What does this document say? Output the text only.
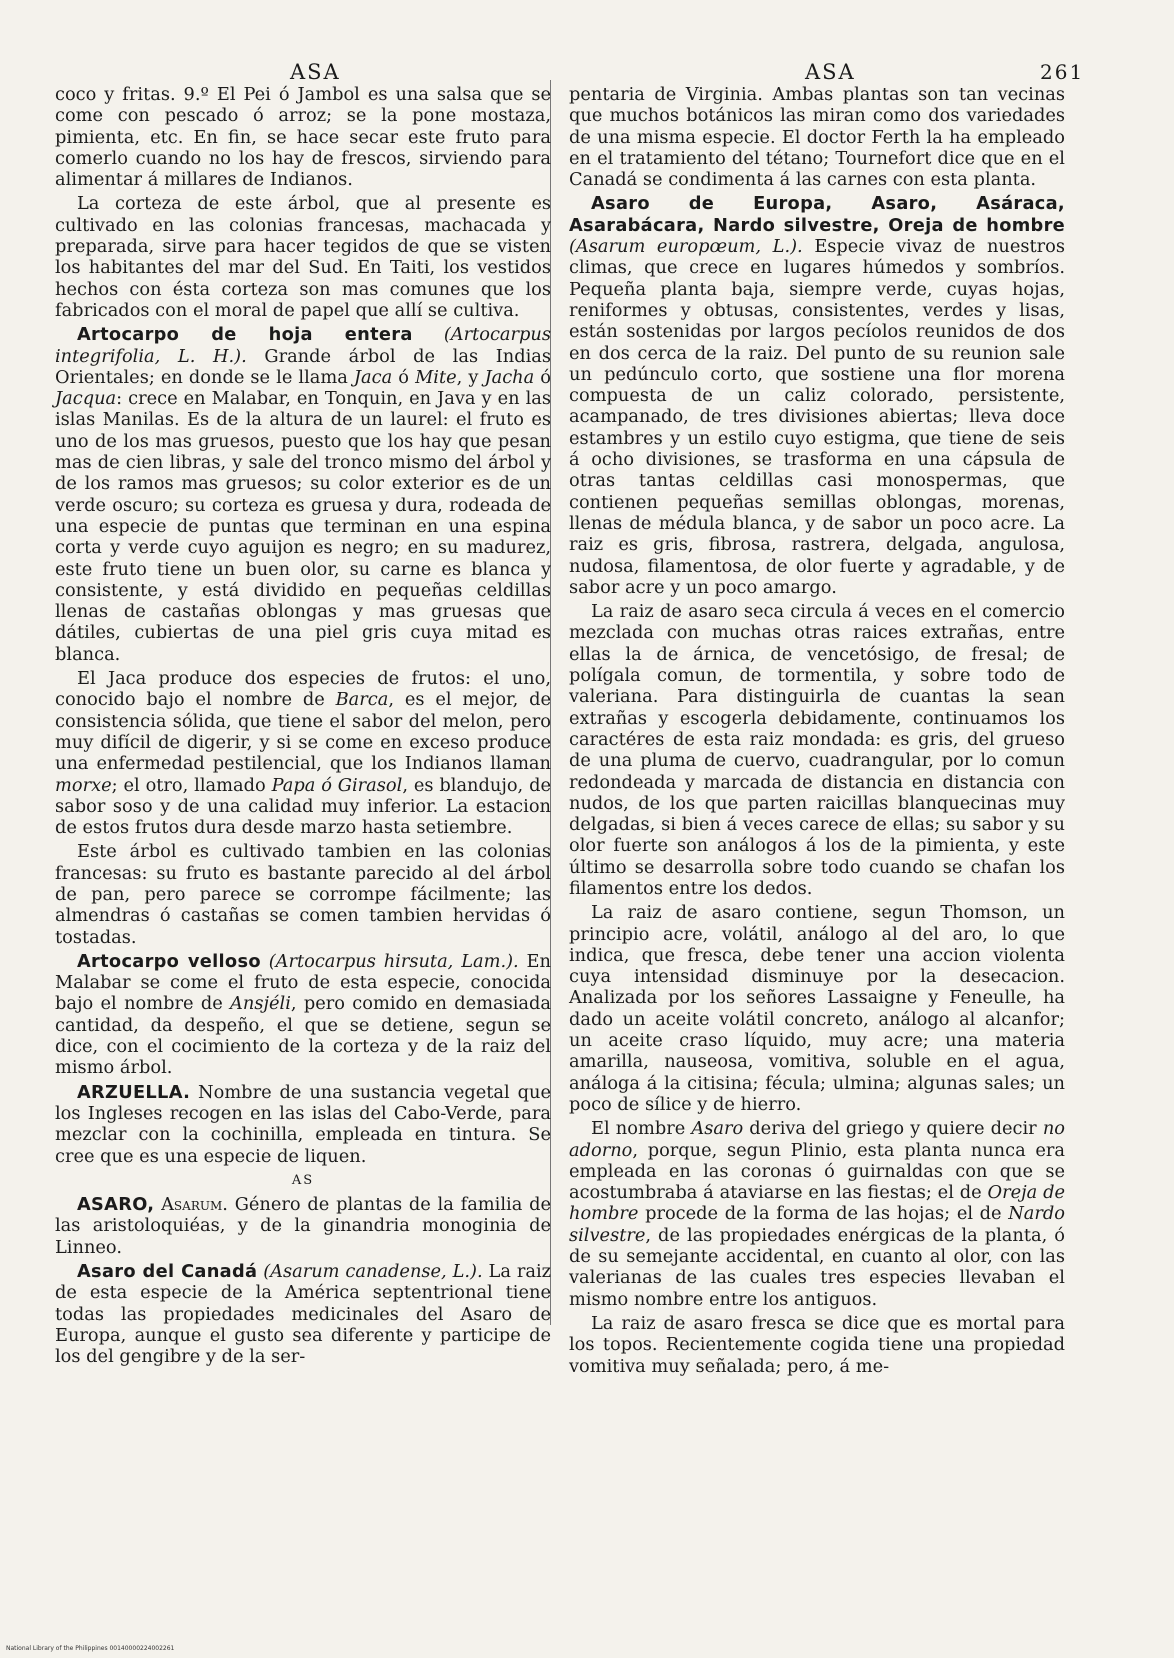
ASA	ASA	261

coco y fritas. 9.º El Pei ó Jambol es una salsa que se come con pescado ó arroz; se la pone mostaza, pimienta, etc. En fin, se hace secar este fruto para comerlo cuando no los hay de frescos, sirviendo para alimentar á millares de Indianos.

La corteza de este árbol, que al presente es cultivado en las colonias francesas, machacada y preparada, sirve para hacer tegidos de que se visten los habitantes del mar del Sud. En Taiti, los vestidos hechos con ésta corteza son mas comunes que los fabricados con el moral de papel que allí se cultiva.

Artocarpo de hoja entera (Artocarpus integrifolia, L. H.). Grande árbol de las Indias Orientales; en donde se le llama Jaca ó Mite, y Jacha ó Jacqua: crece en Malabar, en Tonquin, en Java y en las islas Manilas. Es de la altura de un laurel: el fruto es uno de los mas gruesos, puesto que los hay que pesan mas de cien libras, y sale del tronco mismo del árbol y de los ramos mas gruesos; su color exterior es de un verde oscuro; su corteza es gruesa y dura, rodeada de una especie de puntas que terminan en una espina corta y verde cuyo aguijon es negro; en su madurez, este fruto tiene un buen olor, su carne es blanca y consistente, y está dividido en pequeñas celdillas llenas de castañas oblongas y mas gruesas que dátiles, cubiertas de una piel gris cuya mitad es blanca.

El Jaca produce dos especies de frutos: el uno, conocido bajo el nombre de Barca, es el mejor, de consistencia sólida, que tiene el sabor del melon, pero muy difícil de digerir, y si se come en exceso produce una enfermedad pestilencial, que los Indianos llaman morxe; el otro, llamado Papa ó Girasol, es blandujo, de sabor soso y de una calidad muy inferior. La estacion de estos frutos dura desde marzo hasta setiembre.

Este árbol es cultivado tambien en las colonias francesas: su fruto es bastante parecido al del árbol de pan, pero parece se corrompe fácilmente; las almendras ó castañas se comen tambien hervidas ó tostadas.

Artocarpo velloso (Artocarpus hirsuta, Lam.). En Malabar se come el fruto de esta especie, conocida bajo el nombre de Ansjéli, pero comido en demasiada cantidad, da despeño, el que se detiene, segun se dice, con el cocimiento de la corteza y de la raiz del mismo árbol.

ARZUELLA. Nombre de una sustancia vegetal que los Ingleses recogen en las islas del Cabo-Verde, para mezclar con la cochinilla, empleada en tintura. Se cree que es una especie de liquen.

AS

ASARO, Asarum. Género de plantas de la familia de las aristoloquiéas, y de la ginandria monoginia de Linneo.

Asaro del Canadá (Asarum canadense, L.). La raiz de esta especie de la América septentrional tiene todas las propiedades medicinales del Asaro de Europa, aunque el gusto sea diferente y participe de los del gengibre y de la ser-

pentaria de Virginia. Ambas plantas son tan vecinas que muchos botánicos las miran como dos variedades de una misma especie. El doctor Ferth la ha empleado en el tratamiento del tétano; Tournefort dice que en el Canadá se condimenta á las carnes con esta planta.

Asaro de Europa, Asaro, Asáraca, Asarabácara, Nardo silvestre, Oreja de hombre (Asarum europœum, L.). Especie vivaz de nuestros climas, que crece en lugares húmedos y sombríos. Pequeña planta baja, siempre verde, cuyas hojas, reniformes y obtusas, consistentes, verdes y lisas, están sostenidas por largos pecíolos reunidos de dos en dos cerca de la raiz. Del punto de su reunion sale un pedúnculo corto, que sostiene una flor morena compuesta de un caliz colorado, persistente, acampanado, de tres divisiones abiertas; lleva doce estambres y un estilo cuyo estigma, que tiene de seis á ocho divisiones, se trasforma en una cápsula de otras tantas celdillas casi monospermas, que contienen pequeñas semillas oblongas, morenas, llenas de médula blanca, y de sabor un poco acre. La raiz es gris, fibrosa, rastrera, delgada, angulosa, nudosa, filamentosa, de olor fuerte y agradable, y de sabor acre y un poco amargo.

La raiz de asaro seca circula á veces en el comercio mezclada con muchas otras raices extrañas, entre ellas la de árnica, de vencetósigo, de fresal; de polígala comun, de tormentila, y sobre todo de valeriana. Para distinguirla de cuantas la sean extrañas y escogerla debidamente, continuamos los caractéres de esta raiz mondada: es gris, del grueso de una pluma de cuervo, cuadrangular, por lo comun redondeada y marcada de distancia en distancia con nudos, de los que parten raicillas blanquecinas muy delgadas, si bien á veces carece de ellas; su sabor y su olor fuerte son análogos á los de la pimienta, y este último se desarrolla sobre todo cuando se chafan los filamentos entre los dedos.

La raiz de asaro contiene, segun Thomson, un principio acre, volátil, análogo al del aro, lo que indica, que fresca, debe tener una accion violenta cuya intensidad disminuye por la desecacion. Analizada por los señores Lassaigne y Feneulle, ha dado un aceite volátil concreto, análogo al alcanfor; un aceite craso líquido, muy acre; una materia amarilla, nauseosa, vomitiva, soluble en el agua, análoga á la citisina; fécula; ulmina; algunas sales; un poco de sílice y de hierro.

El nombre Asaro deriva del griego y quiere decir no adorno, porque, segun Plinio, esta planta nunca era empleada en las coronas ó guirnaldas con que se acostumbraba á ataviarse en las fiestas; el de Oreja de hombre procede de la forma de las hojas; el de Nardo silvestre, de las propiedades enérgicas de la planta, ó de su semejante accidental, en cuanto al olor, con las valerianas de las cuales tres especies llevaban el mismo nombre entre los antiguos.

La raiz de asaro fresca se dice que es mortal para los topos. Recientemente cogida tiene una propiedad vomitiva muy señalada; pero, á me-

National Library of the Philippines 00140000224002261
